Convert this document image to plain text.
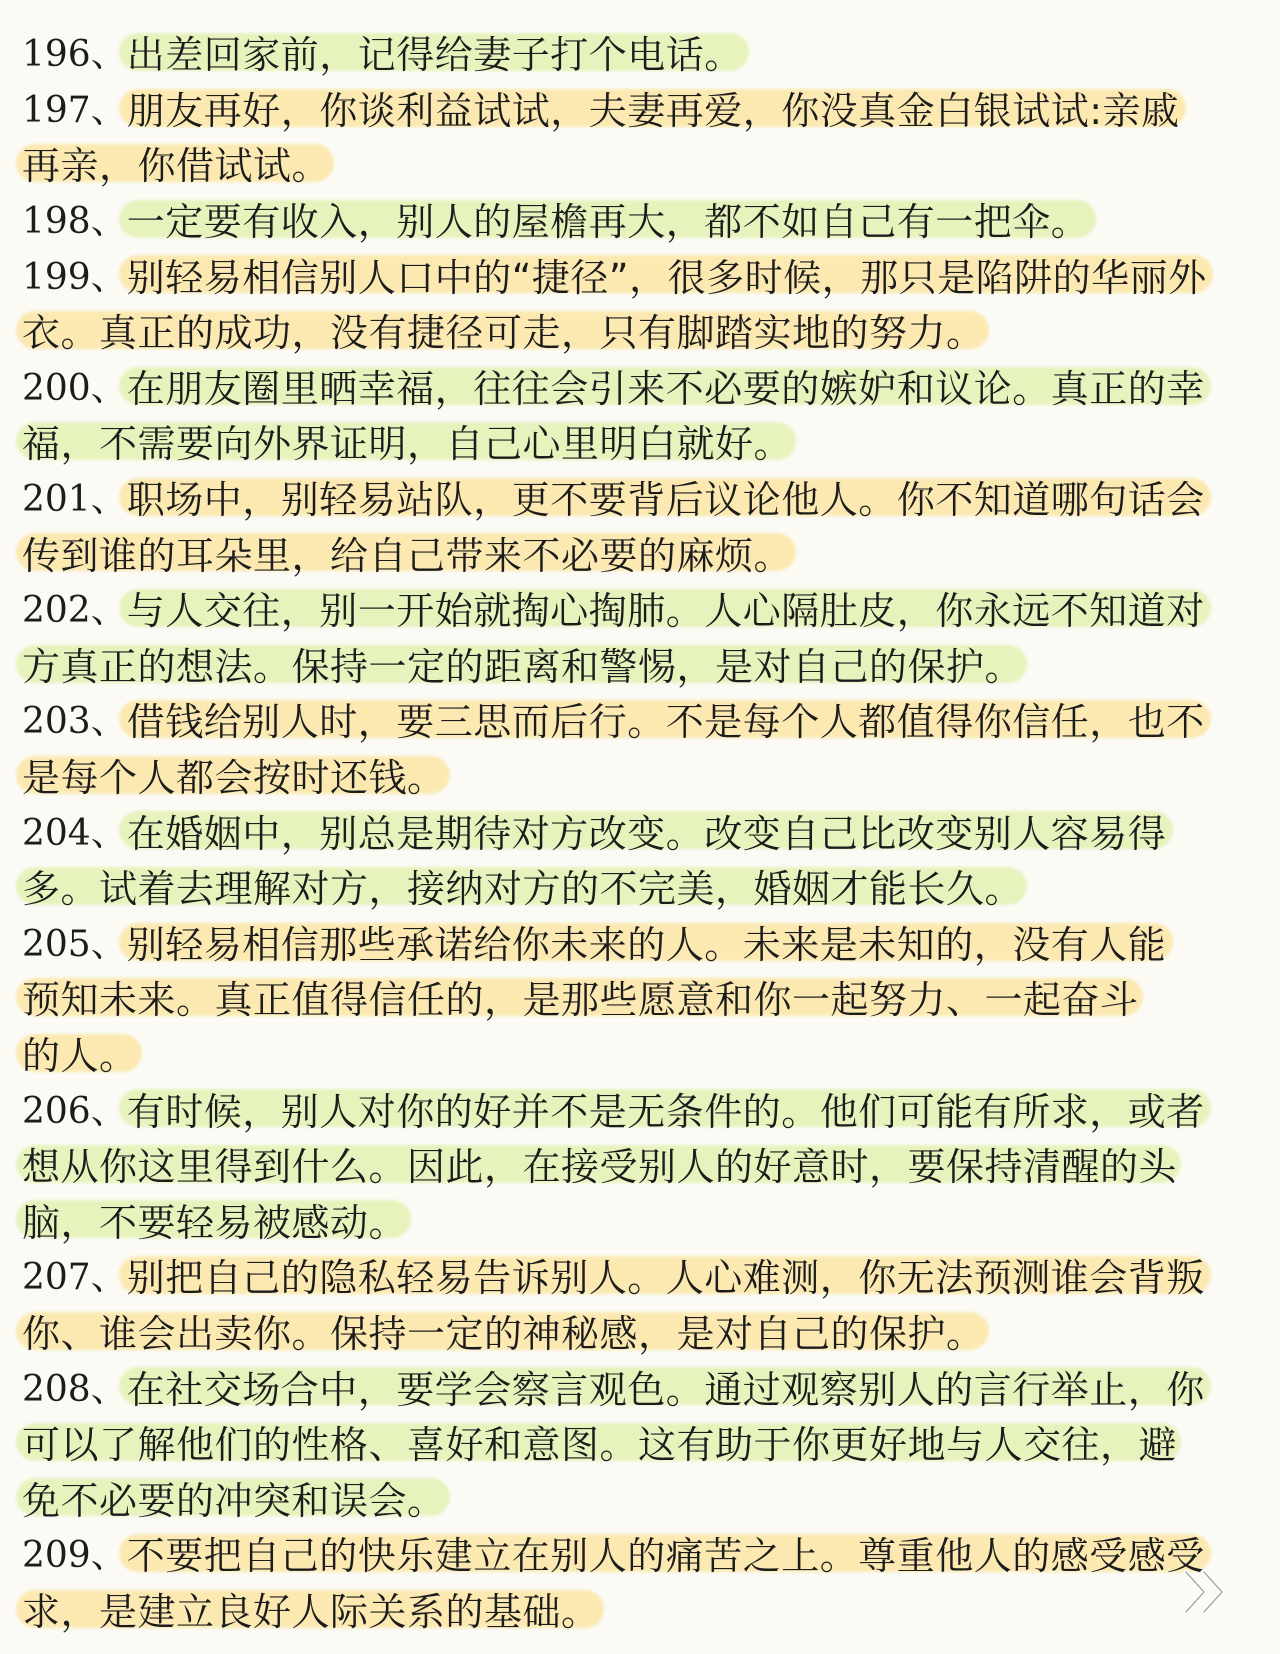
196、 出差回家前，记得给妻子打个电话。
197、 朋友再好，你谈利益试试，夫妻再爱，你没真金白银试试:亲戚
再亲，你借试试。
198、 一定要有收入，别人的屋檐再大，都不如自己有一把伞。
199、 别轻易相信别人口中的“捷径”，很多时候，那只是陷阱的华丽外
衣。真正的成功，没有捷径可走，只有脚踏实地的努力。
200、 在朋友圈里晒幸福，往往会引来不必要的嫉妒和议论。真正的幸
福，不需要向外界证明，自己心里明白就好。
201、 职场中，别轻易站队，更不要背后议论他人。你不知道哪句话会
传到谁的耳朵里，给自己带来不必要的麻烦。
202、 与人交往，别一开始就掏心掏肺。人心隔肚皮，你永远不知道对
方真正的想法。保持一定的距离和警惕，是对自己的保护。
203、 借钱给别人时，要三思而后行。不是每个人都值得你信任，也不
是每个人都会按时还钱。
204、 在婚姻中，别总是期待对方改变。改变自己比改变别人容易得
多。试着去理解对方，接纳对方的不完美，婚姻才能长久。
205、 别轻易相信那些承诺给你未来的人。未来是未知的，没有人能
预知未来。真正值得信任的，是那些愿意和你一起努力、一起奋斗
的人。
206、 有时候，别人对你的好并不是无条件的。他们可能有所求，或者
想从你这里得到什么。因此，在接受别人的好意时，要保持清醒的头
脑，不要轻易被感动。
207、 别把自己的隐私轻易告诉别人。人心难测，你无法预测谁会背叛
你、谁会出卖你。保持一定的神秘感，是对自己的保护。
208、 在社交场合中，要学会察言观色。通过观察别人的言行举止，你
可以了解他们的性格、喜好和意图。这有助于你更好地与人交往，避
免不必要的冲突和误会。
209、 不要把自己的快乐建立在别人的痛苦之上。尊重他人的感受感受
求，是建立良好人际关系的基础。
